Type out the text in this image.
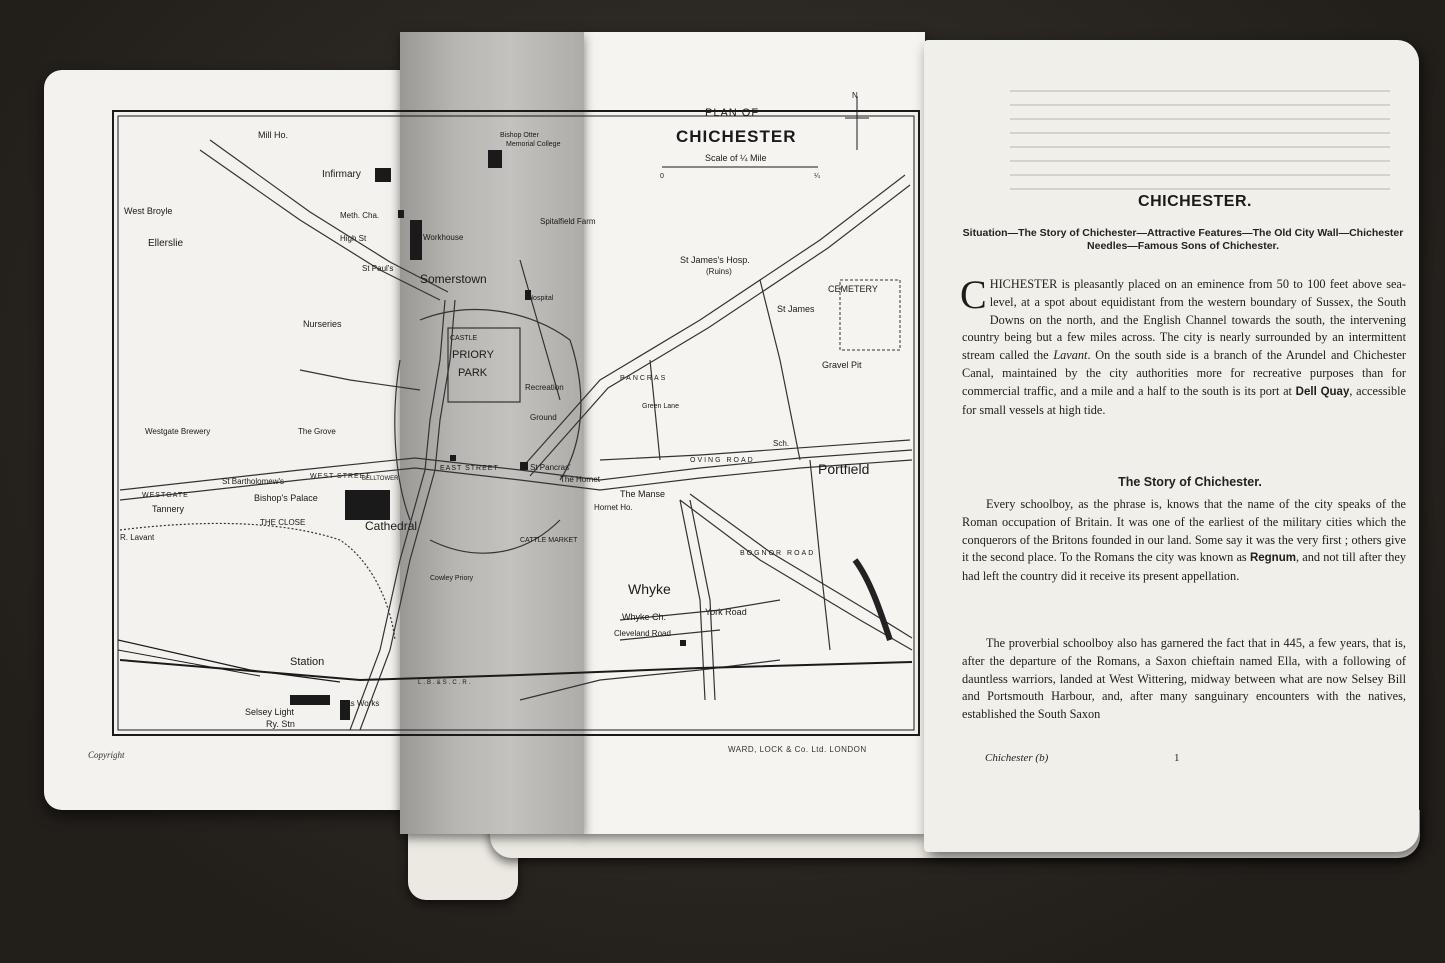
N
Scale of ¼ Mile
0	¼
PLAN OF
CHICHESTER
Mill Ho.
Infirmary
West Broyle
Ellerslie
Meth. Cha.
High St
St Paul's
Workhouse
Somerstown
Bishop Otter
Memorial College
Spitalfield Farm
Hospital
St James's Hosp.
(Ruins)
CEMETERY
St James
Nurseries
CASTLE
PRIORY
PARK
Recreation
Ground
Gravel Pit
Westgate Brewery	The Grove
Sch.
Portfield
OVING ROAD
St Pancras'
WESTGATE
WEST STREET
EAST STREET
St Bartholomew's
Tannery
Bishop's Palace
BELLTOWER
THE CLOSE	Cathedral
The Hornet
The Manse
Hornet Ho.
CATTLE MARKET
R. Lavant
Cowley Priory
Whyke
Whyke Ch.	York Road
Cleveland Road
BOGNOR ROAD
Station
Selsey Light
Ry. Stn
Gas Works
L.B.&S.C.R.
Green Lane
PANCRAS
Copyright
WARD, LOCK & Co. Ltd. LONDON
CHICHESTER.
Situation—The Story of Chichester—Attractive Features—The Old City Wall—Chichester Needles—Famous Sons of Chichester.
CHICHESTER is pleasantly placed on an eminence from 50 to 100 feet above sea-level, at a spot about equidistant from the western boundary of Sussex, the South Downs on the north, and the English Channel towards the south, the intervening country being but a few miles across. The city is nearly surrounded by an intermittent stream called the Lavant. On the south side is a branch of the Arundel and Chichester Canal, maintained by the city authorities more for recreative purposes than for commercial traffic, and a mile and a half to the south is its port at Dell Quay, accessible for small vessels at high tide.
The Story of Chichester.
Every schoolboy, as the phrase is, knows that the name of the city speaks of the Roman occupation of Britain. It was one of the earliest of the military cities which the conquerors of the Britons founded in our land. Some say it was the very first ; others give it the second place. To the Romans the city was known as Regnum, and not till after they had left the country did it receive its present appellation.
The proverbial schoolboy also has garnered the fact that in 445, a few years, that is, after the departure of the Romans, a Saxon chieftain named Ella, with a following of dauntless warriors, landed at West Wittering, midway between what are now Selsey Bill and Portsmouth Harbour, and, after many sanguinary encounters with the natives, established the South Saxon
Chichester (b)	1
